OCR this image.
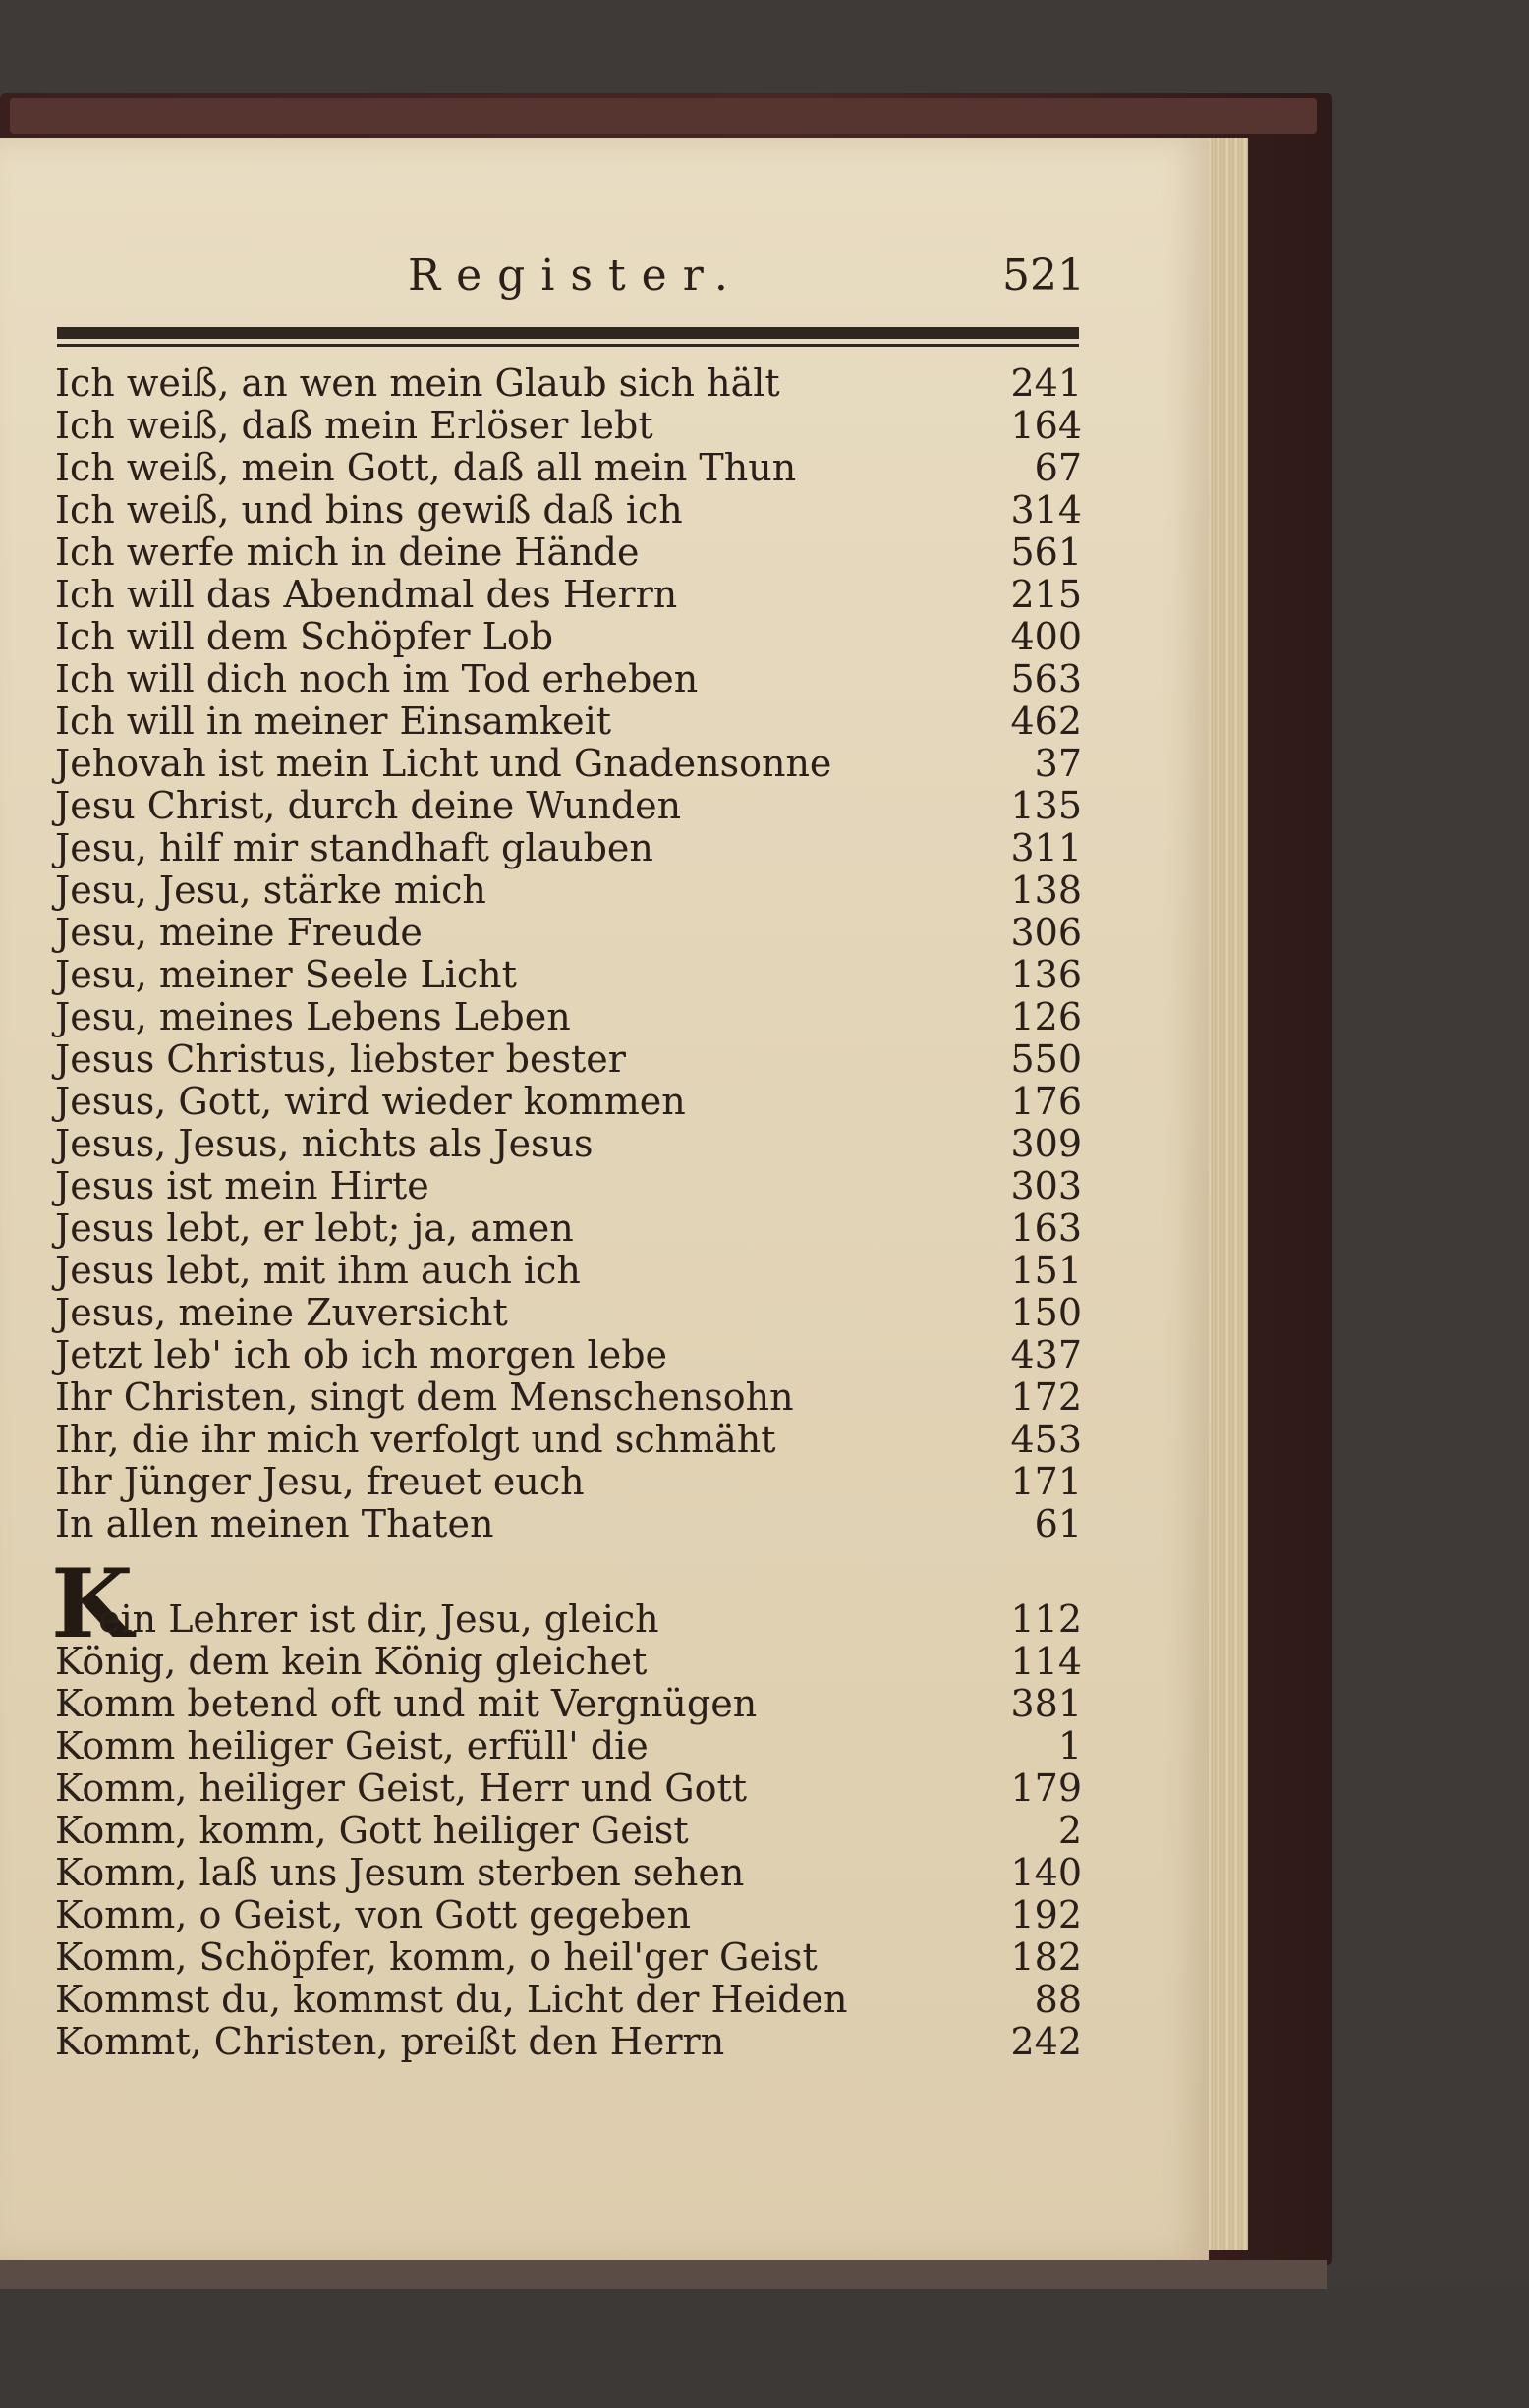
Register.	521
Ich weiß, an wen mein Glaub sich hält	241
Ich weiß, daß mein Erlöser lebt	164
Ich weiß, mein Gott, daß all mein Thun	67
Ich weiß, und bins gewiß daß ich	314
Ich werfe mich in deine Hände	561
Ich will das Abendmal des Herrn	215
Ich will dem Schöpfer Lob	400
Ich will dich noch im Tod erheben	563
Ich will in meiner Einsamkeit	462
Jehovah ist mein Licht und Gnadensonne	37
Jesu Christ, durch deine Wunden	135
Jesu, hilf mir standhaft glauben	311
Jesu, Jesu, stärke mich	138
Jesu, meine Freude	306
Jesu, meiner Seele Licht	136
Jesu, meines Lebens Leben	126
Jesus Christus, liebster bester	550
Jesus, Gott, wird wieder kommen	176
Jesus, Jesus, nichts als Jesus	309
Jesus ist mein Hirte	303
Jesus lebt, er lebt; ja, amen	163
Jesus lebt, mit ihm auch ich	151
Jesus, meine Zuversicht	150
Jetzt leb' ich ob ich morgen lebe	437
Ihr Christen, singt dem Menschensohn	172
Ihr, die ihr mich verfolgt und schmäht	453
Ihr Jünger Jesu, freuet euch	171
In allen meinen Thaten	61
K
ein Lehrer ist dir, Jesu, gleich	112
König, dem kein König gleichet	114
Komm betend oft und mit Vergnügen	381
Komm heiliger Geist, erfüll' die	1
Komm, heiliger Geist, Herr und Gott	179
Komm, komm, Gott heiliger Geist	2
Komm, laß uns Jesum sterben sehen	140
Komm, o Geist, von Gott gegeben	192
Komm, Schöpfer, komm, o heil'ger Geist	182
Kommst du, kommst du, Licht der Heiden	88
Kommt, Christen, preißt den Herrn	242
